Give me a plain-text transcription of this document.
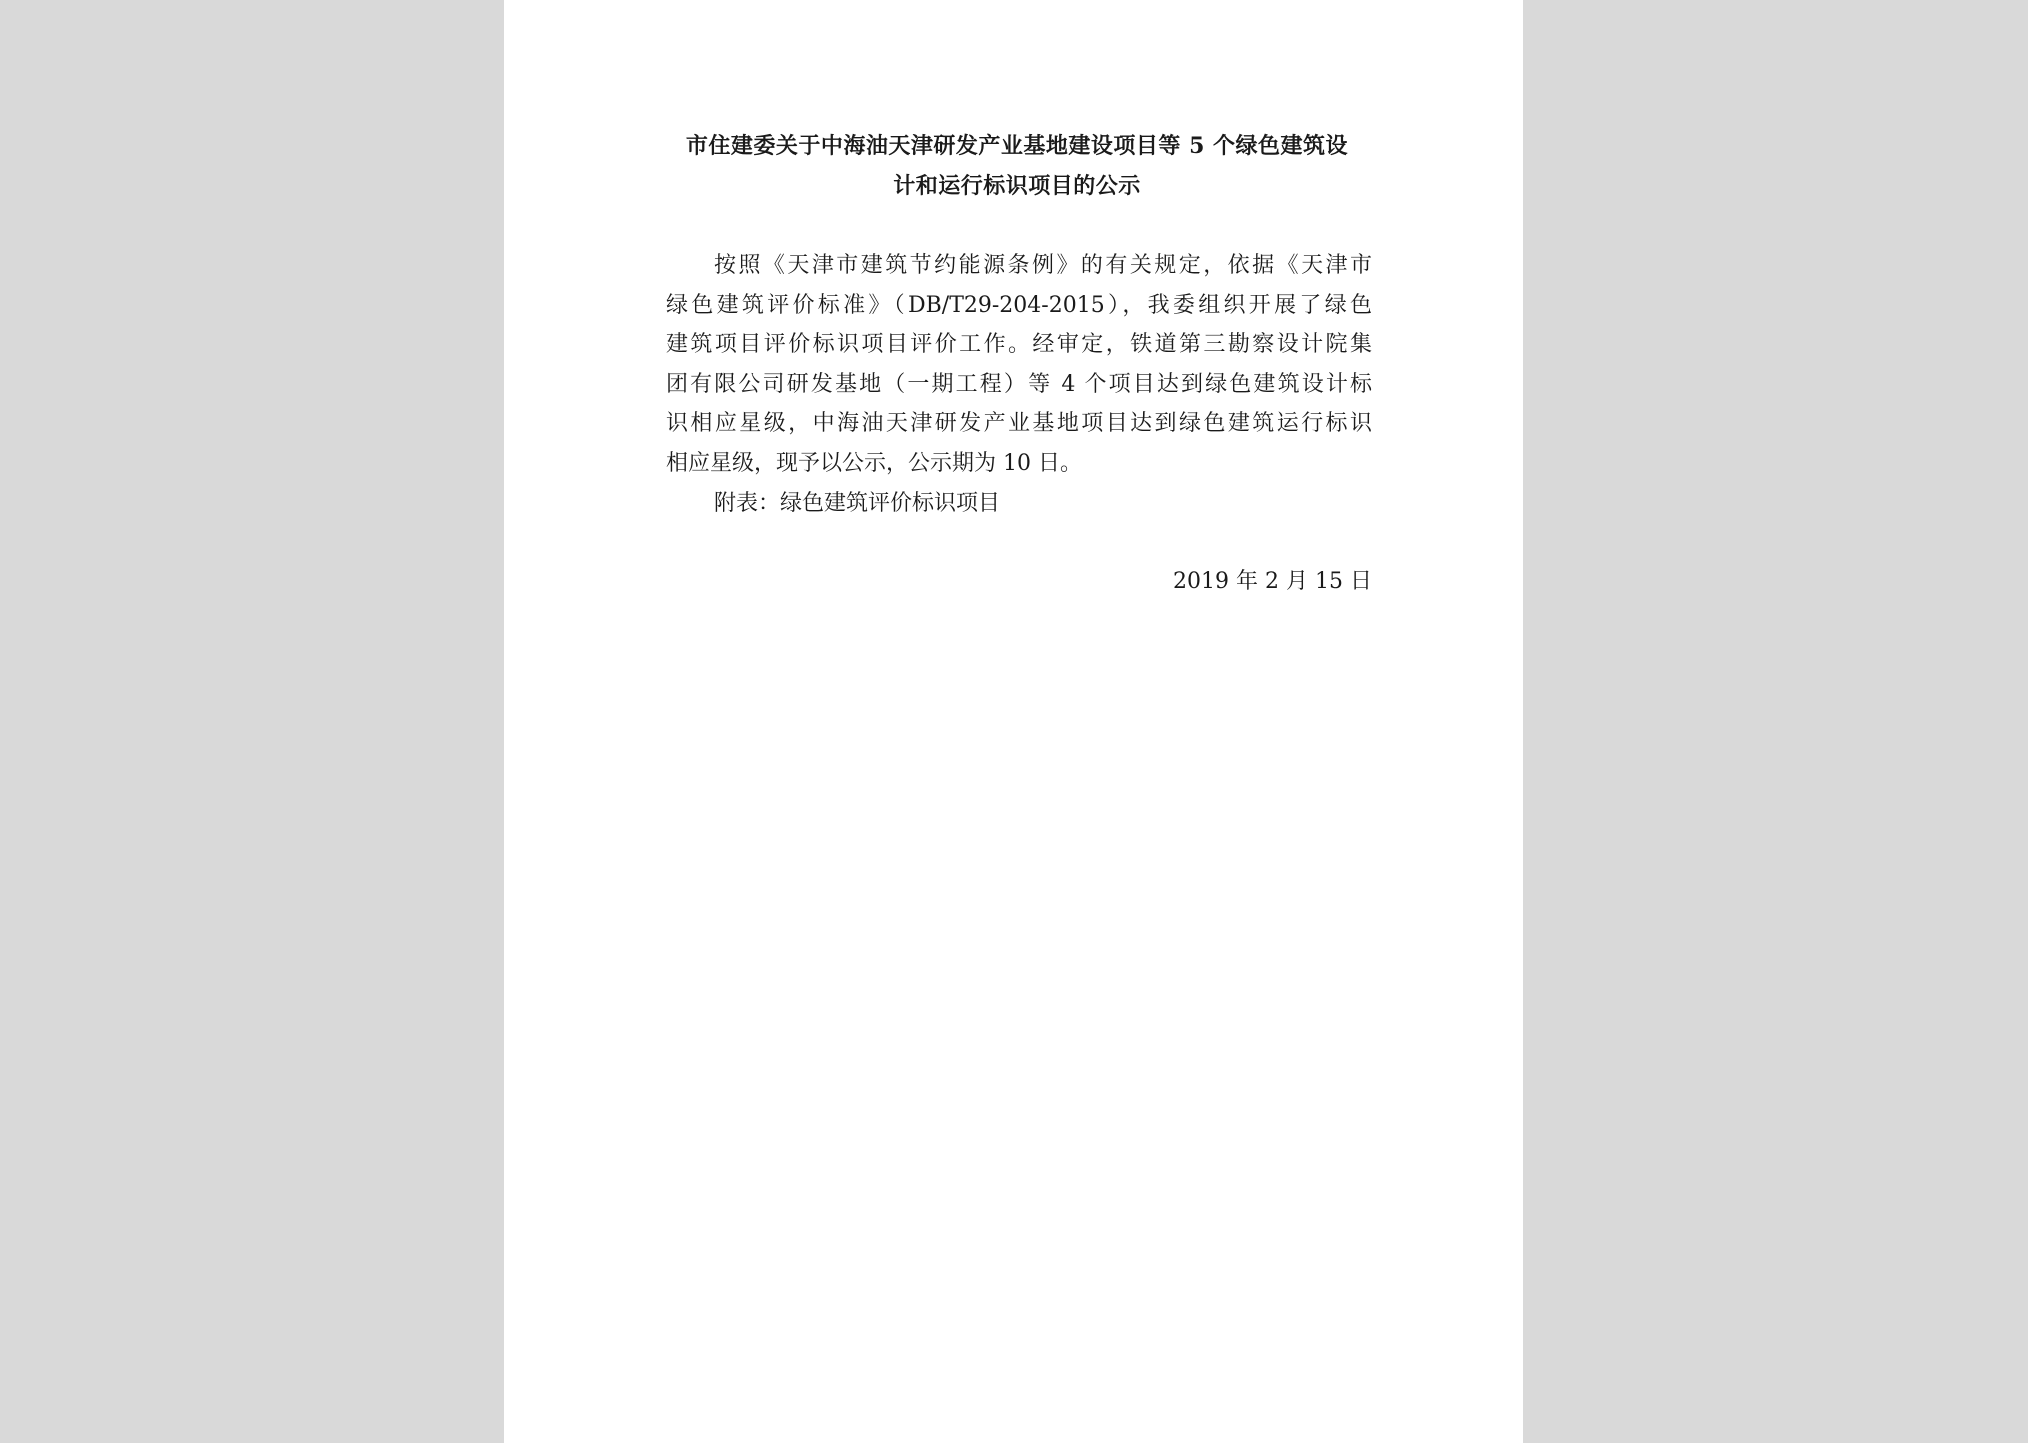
市住建委关于中海油天津研发产业基地建设项目等 5 个绿色建筑设
计和运行标识项目的公示
按照《天津市建筑节约能源条例》的有关规定，依据《天津市
绿色建筑评价标准》（DB/T29-204-2015），我委组织开展了绿色
建筑项目评价标识项目评价工作。经审定，铁道第三勘察设计院集
团有限公司研发基地（一期工程）等 4 个项目达到绿色建筑设计标
识相应星级，中海油天津研发产业基地项目达到绿色建筑运行标识
相应星级，现予以公示，公示期为 10 日。
附表：绿色建筑评价标识项目
2019 年 2 月 15 日
